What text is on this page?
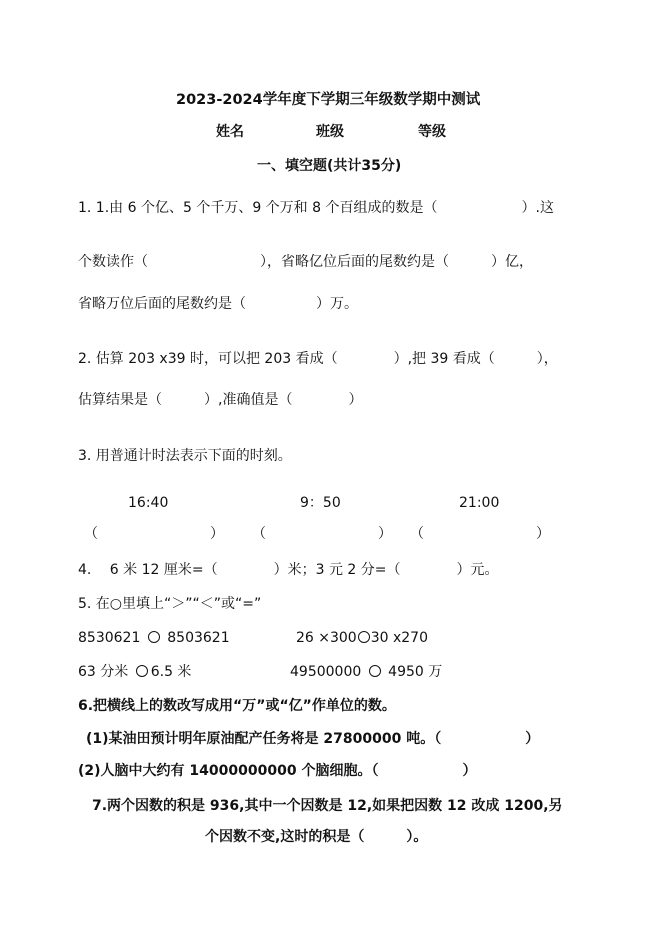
2023-2024学年度下学期三年级数学期中测试
姓名	班级	等级
一、填空题(共计35分)
1. 1.由 6 个亿、5 个千万、9 个万和 8 个百组成的数是（　　　　　　）.这
个数读作（　　　　　　　　），省略亿位后面的尾数约是（　　　）亿，
省略万位后面的尾数约是（　　　　　）万。
2. 估算 203 x39 时，可以把 203 看成（　　　　）,把 39 看成（　　　），
估算结果是（　　　）,准确值是（　　　　）
3. 用普通计时法表示下面的时刻。
16:40	9：50	21:00
（　　　　　　　　） （　　　　　　　　） （　　　　　　　　）
4.　 6 米 12 厘米=（　　　　）米；3 元 2 分=（　　　　）元。
5. 在○里填上“＞”“＜”或“=”
8530621 8503621	26 ×300 30 x270
63 分米 6.5 米	49500000 4950 万
6.把横线上的数改写成用“万”或“亿”作单位的数。
(1)某油田预计明年原油配产任务将是 27800000 吨。（　　　　　　）
(2)人脑中大约有 14000000000 个脑细胞。（　　　　　　）
7.两个因数的积是 936,其中一个因数是 12,如果把因数 12 改成 1200,另
个因数不变,这时的积是（　　　）。
